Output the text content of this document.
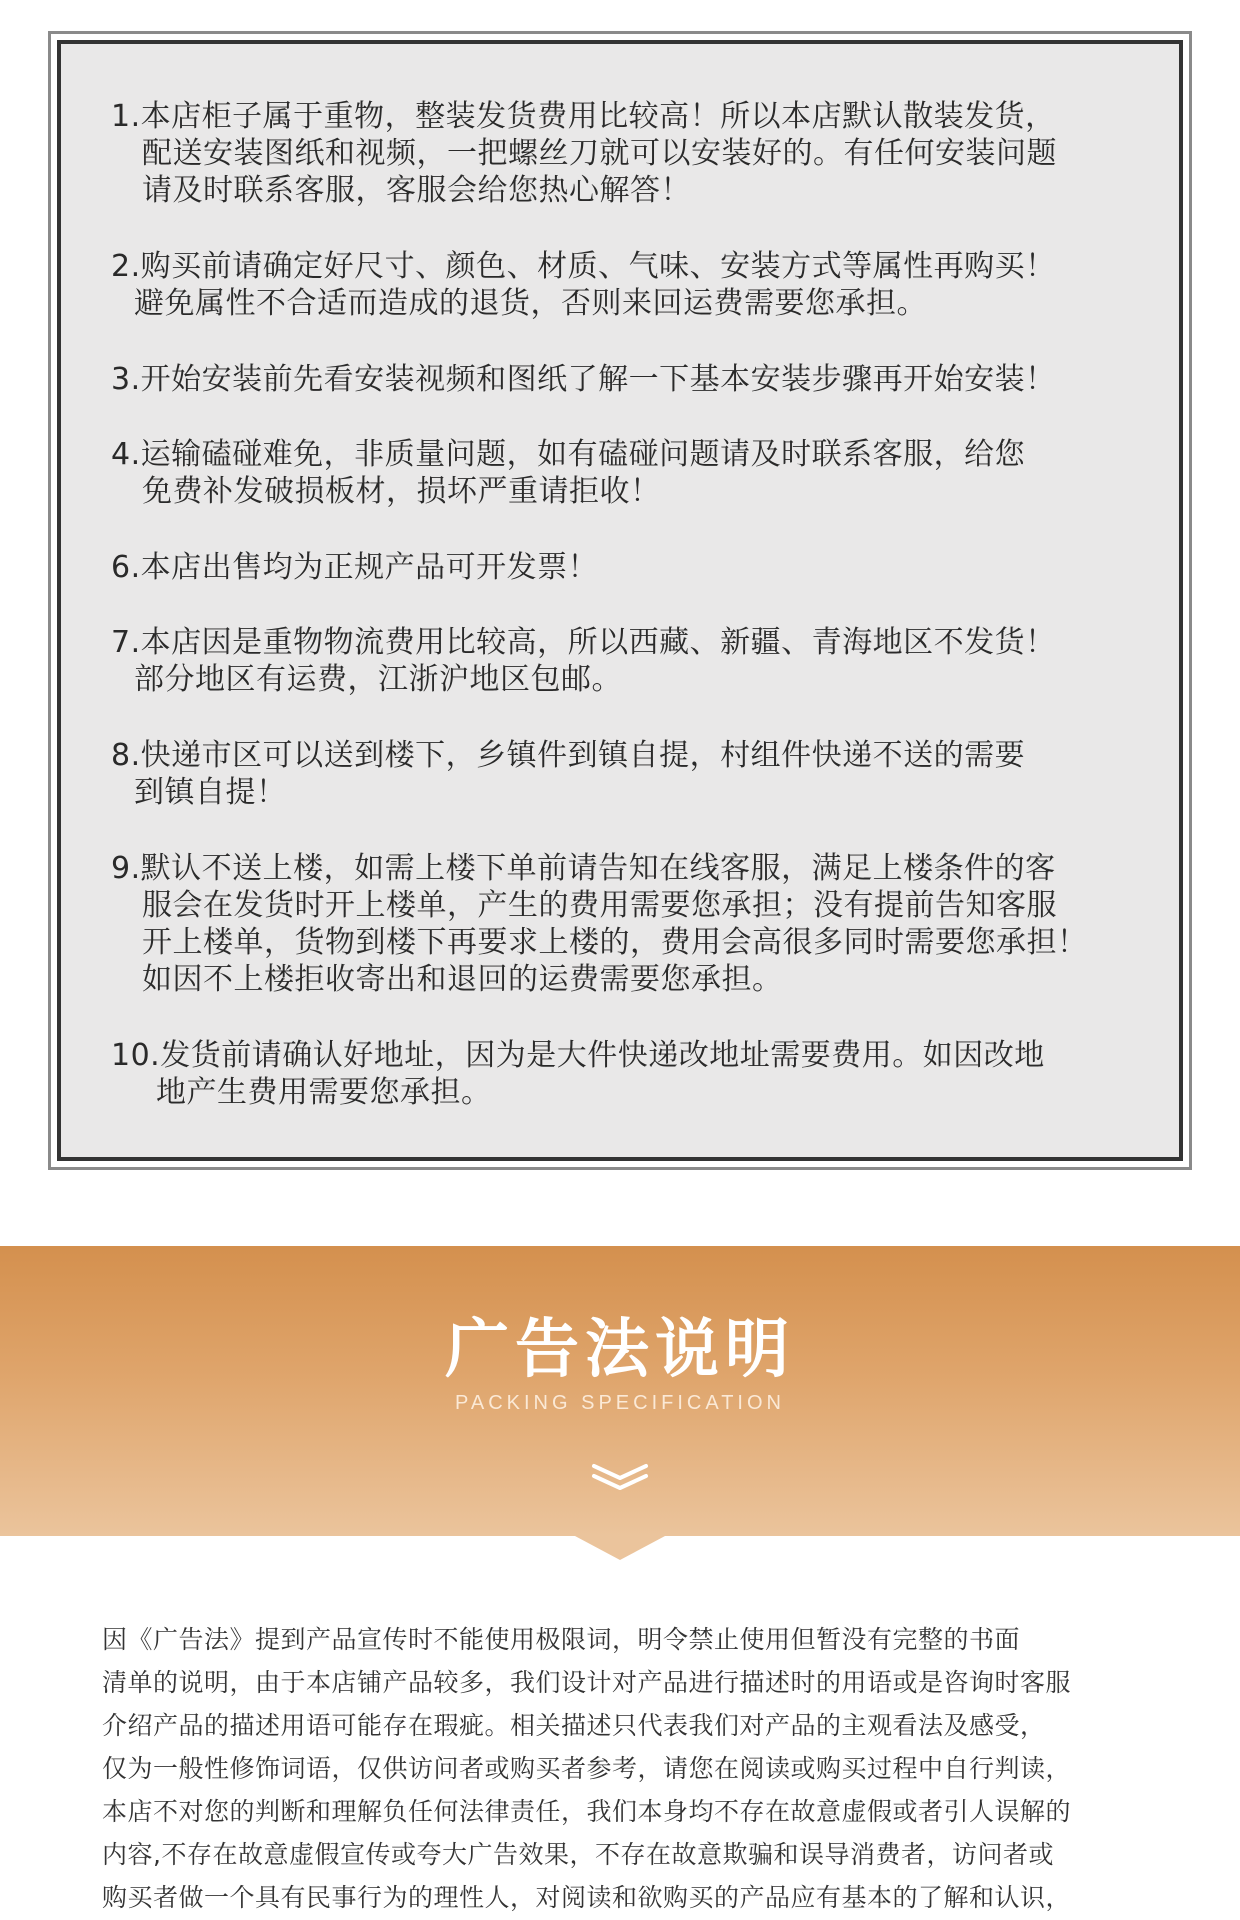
1.本店柜子属于重物，整装发货费用比较高！所以本店默认散装发货，
配送安装图纸和视频，一把螺丝刀就可以安装好的。有任何安装问题
请及时联系客服，客服会给您热心解答！
2.购买前请确定好尺寸、颜色、材质、气味、安装方式等属性再购买！
避免属性不合适而造成的退货，否则来回运费需要您承担。
3.开始安装前先看安装视频和图纸了解一下基本安装步骤再开始安装！
4.运输磕碰难免，非质量问题，如有磕碰问题请及时联系客服，给您
免费补发破损板材，损坏严重请拒收！
6.本店出售均为正规产品可开发票！
7.本店因是重物物流费用比较高，所以西藏、新疆、青海地区不发货！
部分地区有运费，江浙沪地区包邮。
8.快递市区可以送到楼下，乡镇件到镇自提，村组件快递不送的需要
到镇自提！
9.默认不送上楼，如需上楼下单前请告知在线客服，满足上楼条件的客
服会在发货时开上楼单，产生的费用需要您承担；没有提前告知客服
开上楼单，货物到楼下再要求上楼的，费用会高很多同时需要您承担！
如因不上楼拒收寄出和退回的运费需要您承担。
10.发货前请确认好地址，因为是大件快递改地址需要费用。如因改地
地产生费用需要您承担。
广告法说明
PACKING SPECIFICATION
因《广告法》提到产品宣传时不能使用极限词，明令禁止使用但暂没有完整的书面
清单的说明，由于本店铺产品较多，我们设计对产品进行描述时的用语或是咨询时客服
介绍产品的描述用语可能存在瑕疵。相关描述只代表我们对产品的主观看法及感受，
仅为一般性修饰词语，仅供访问者或购买者参考，请您在阅读或购买过程中自行判读，
本店不对您的判断和理解负任何法律责任，我们本身均不存在故意虚假或者引人误解的
内容,不存在故意虚假宣传或夸大广告效果，不存在故意欺骗和误导消费者，访问者或
购买者做一个具有民事行为的理性人，对阅读和欲购买的产品应有基本的了解和认识，
